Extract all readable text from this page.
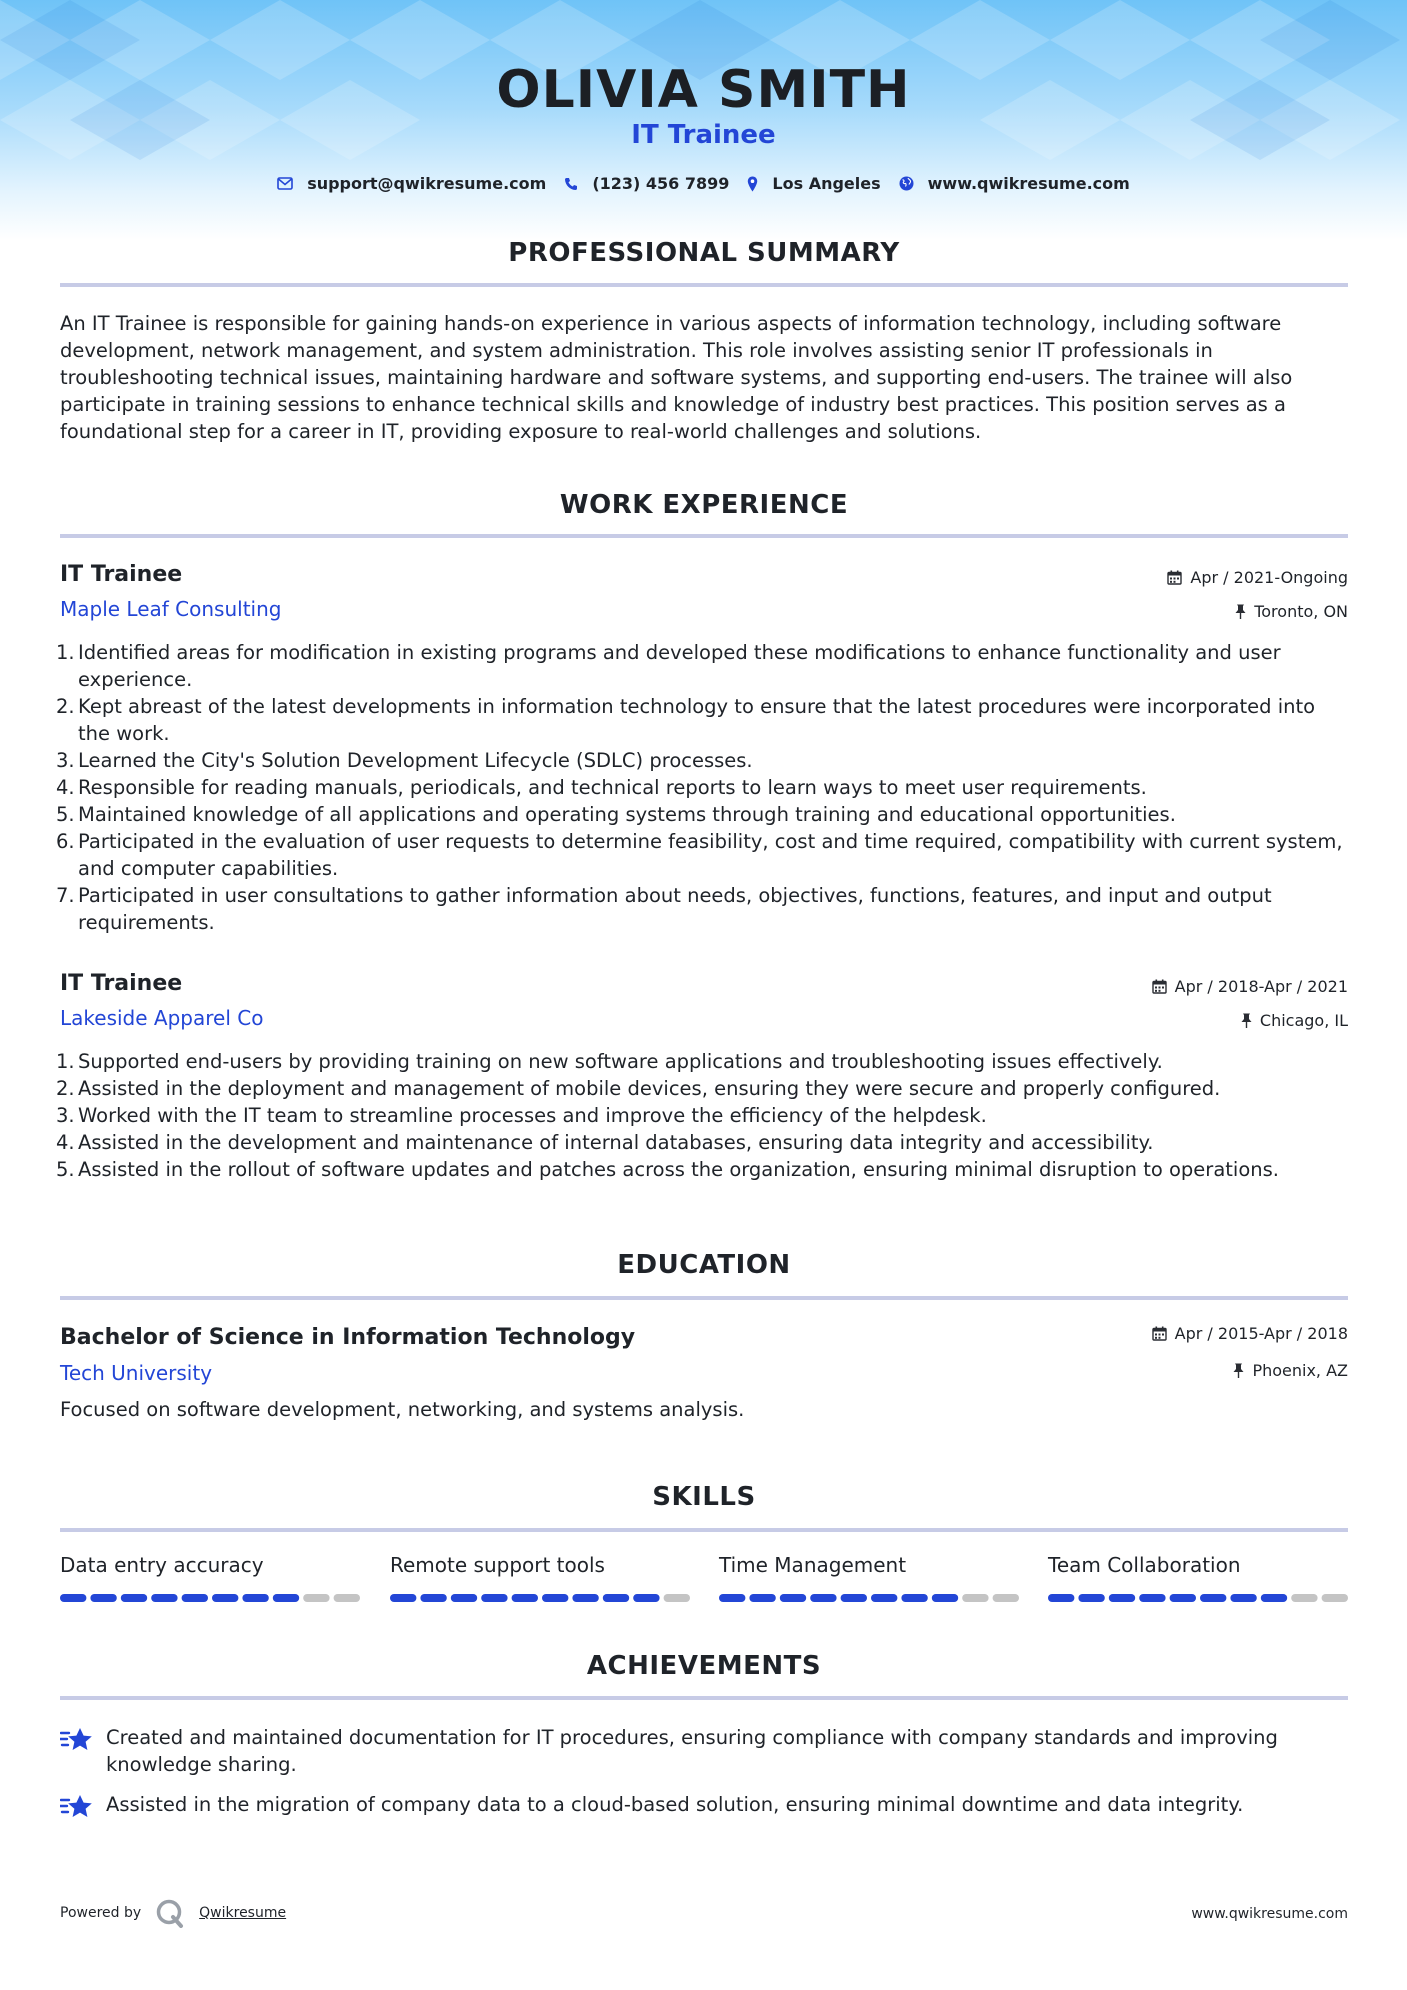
OLIVIA SMITH
IT Trainee
support@qwikresume.com	(123) 456 7899	Los Angeles	www.qwikresume.com
PROFESSIONAL SUMMARY
An IT Trainee is responsible for gaining hands-on experience in various aspects of information technology, including software development, network management, and system administration. This role involves assisting senior IT professionals in troubleshooting technical issues, maintaining hardware and software systems, and supporting end-users. The trainee will also participate in training sessions to enhance technical skills and knowledge of industry best practices. This position serves as a foundational step for a career in IT, providing exposure to real-world challenges and solutions.
WORK EXPERIENCE
IT Trainee	Apr / 2021-Ongoing
Maple Leaf Consulting	Toronto, ON
1. Identified areas for modification in existing programs and developed these modifications to enhance functionality and user experience.
2. Kept abreast of the latest developments in information technology to ensure that the latest procedures were incorporated into the work.
3. Learned the City's Solution Development Lifecycle (SDLC) processes.
4. Responsible for reading manuals, periodicals, and technical reports to learn ways to meet user requirements.
5. Maintained knowledge of all applications and operating systems through training and educational opportunities.
6. Participated in the evaluation of user requests to determine feasibility, cost and time required, compatibility with current system, and computer capabilities.
7. Participated in user consultations to gather information about needs, objectives, functions, features, and input and output requirements.
IT Trainee	Apr / 2018-Apr / 2021
Lakeside Apparel Co	Chicago, IL
1. Supported end-users by providing training on new software applications and troubleshooting issues effectively.
2. Assisted in the deployment and management of mobile devices, ensuring they were secure and properly configured.
3. Worked with the IT team to streamline processes and improve the efficiency of the helpdesk.
4. Assisted in the development and maintenance of internal databases, ensuring data integrity and accessibility.
5. Assisted in the rollout of software updates and patches across the organization, ensuring minimal disruption to operations.
EDUCATION
Bachelor of Science in Information Technology	Apr / 2015-Apr / 2018
Tech University	Phoenix, AZ
Focused on software development, networking, and systems analysis.
SKILLS
Data entry accuracy	Remote support tools	Time Management	Team Collaboration
ACHIEVEMENTS
Created and maintained documentation for IT procedures, ensuring compliance with company standards and improving knowledge sharing.
Assisted in the migration of company data to a cloud-based solution, ensuring minimal downtime and data integrity.
Powered by	Qwikresume	www.qwikresume.com
